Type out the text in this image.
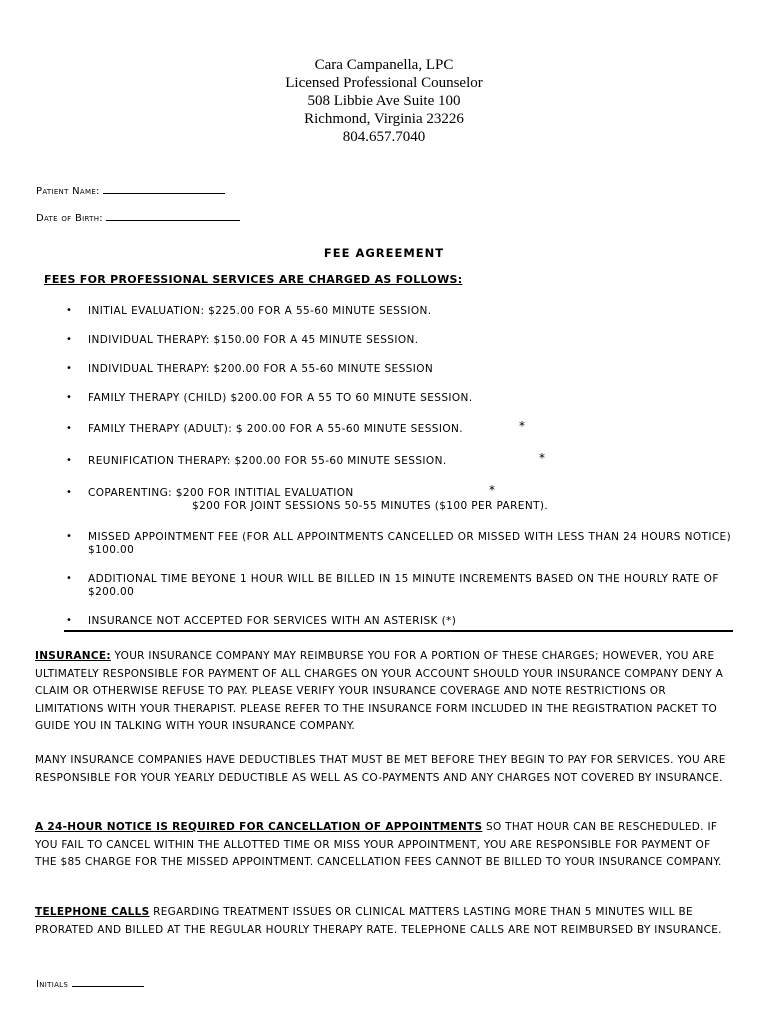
Cara Campanella, LPC
Licensed Professional Counselor
508 Libbie Ave Suite 100
Richmond, Virginia 23226
804.657.7040
Patient Name:
Date of Birth:
FEE AGREEMENT
FEES FOR PROFESSIONAL SERVICES ARE CHARGED AS FOLLOWS:
• INITIAL EVALUATION: $225.00 FOR A 55-60 MINUTE SESSION.
• INDIVIDUAL THERAPY: $150.00 FOR A 45 MINUTE SESSION.
• INDIVIDUAL THERAPY: $200.00 FOR A 55-60 MINUTE SESSION
• FAMILY THERAPY (CHILD) $200.00 FOR A 55 TO 60 MINUTE SESSION.
• FAMILY THERAPY (ADULT): $ 200.00 FOR A 55-60 MINUTE SESSION.	*
• REUNIFICATION THERAPY: $200.00 FOR 55-60 MINUTE SESSION.	*
• COPARENTING: $200 FOR INTITIAL EVALUATION
$200 FOR JOINT SESSIONS 50-55 MINUTES ($100 PER PARENT).
*
• MISSED APPOINTMENT FEE (FOR ALL APPOINTMENTS CANCELLED OR MISSED WITH LESS THAN 24 HOURS NOTICE) $100.00
• ADDITIONAL TIME BEYONE 1 HOUR WILL BE BILLED IN 15 MINUTE INCREMENTS BASED ON THE HOURLY RATE OF $200.00
• INSURANCE NOT ACCEPTED FOR SERVICES WITH AN ASTERISK (*)
INSURANCE: YOUR INSURANCE COMPANY MAY REIMBURSE YOU FOR A PORTION OF THESE CHARGES; HOWEVER, YOU ARE ULTIMATELY RESPONSIBLE FOR PAYMENT OF ALL CHARGES ON YOUR ACCOUNT SHOULD YOUR INSURANCE COMPANY DENY A CLAIM OR OTHERWISE REFUSE TO PAY. PLEASE VERIFY YOUR INSURANCE COVERAGE AND NOTE RESTRICTIONS OR LIMITATIONS WITH YOUR THERAPIST. PLEASE REFER TO THE INSURANCE FORM INCLUDED IN THE REGISTRATION PACKET TO GUIDE YOU IN TALKING WITH YOUR INSURANCE COMPANY.
MANY INSURANCE COMPANIES HAVE DEDUCTIBLES THAT MUST BE MET BEFORE THEY BEGIN TO PAY FOR SERVICES. YOU ARE RESPONSIBLE FOR YOUR YEARLY DEDUCTIBLE AS WELL AS CO-PAYMENTS AND ANY CHARGES NOT COVERED BY INSURANCE.
A 24-HOUR NOTICE IS REQUIRED FOR CANCELLATION OF APPOINTMENTS SO THAT HOUR CAN BE RESCHEDULED. IF YOU FAIL TO CANCEL WITHIN THE ALLOTTED TIME OR MISS YOUR APPOINTMENT, YOU ARE RESPONSIBLE FOR PAYMENT OF THE $85 CHARGE FOR THE MISSED APPOINTMENT. CANCELLATION FEES CANNOT BE BILLED TO YOUR INSURANCE COMPANY.
TELEPHONE CALLS REGARDING TREATMENT ISSUES OR CLINICAL MATTERS LASTING MORE THAN 5 MINUTES WILL BE PRORATED AND BILLED AT THE REGULAR HOURLY THERAPY RATE. TELEPHONE CALLS ARE NOT REIMBURSED BY INSURANCE.
Initials
